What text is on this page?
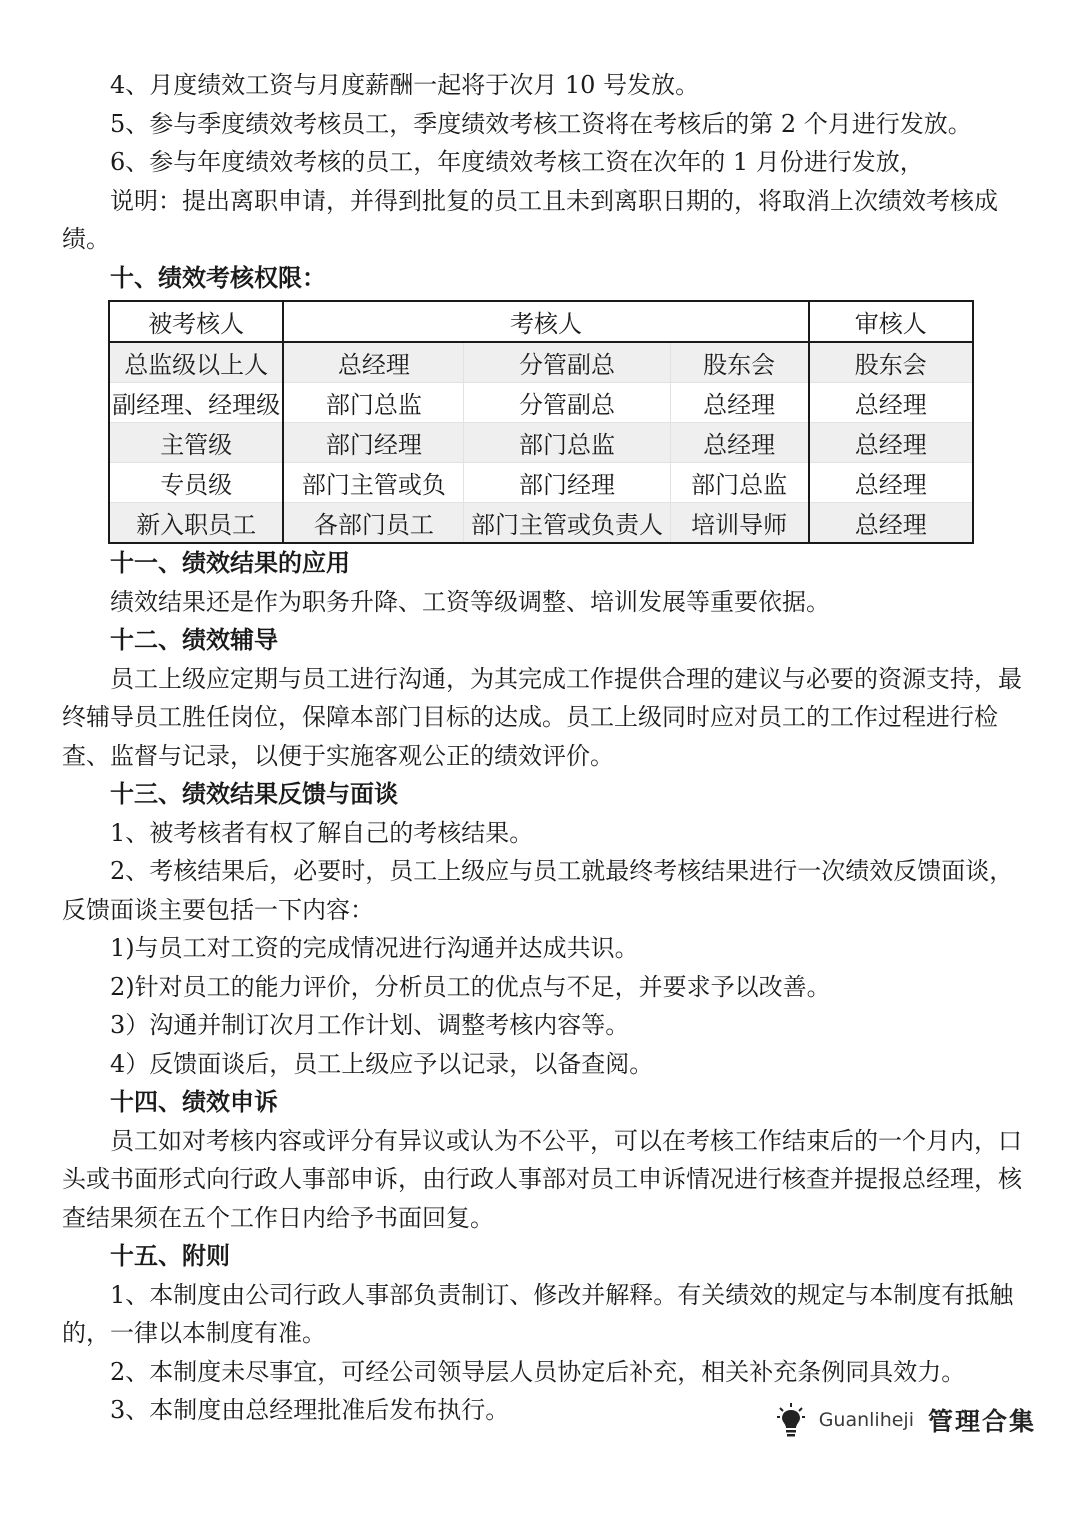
4、月度绩效工资与月度薪酬一起将于次月 10 号发放。

5、参与季度绩效考核员工，季度绩效考核工资将在考核后的第 2 个月进行发放。

6、参与年度绩效考核的员工，年度绩效考核工资在次年的 1 月份进行发放，

说明：提出离职申请，并得到批复的员工且未到离职日期的，将取消上次绩效考核成绩。

十、绩效考核权限：
被考核人	考核人			审核人
总监级以上人	总经理	分管副总	股东会	股东会
副经理、经理级	部门总监	分管副总	总经理	总经理
主管级	部门经理	部门总监	总经理	总经理
专员级	部门主管或负	部门经理	部门总监	总经理
新入职员工	各部门员工	部门主管或负责人	培训导师	总经理
十一、绩效结果的应用

绩效结果还是作为职务升降、工资等级调整、培训发展等重要依据。

十二、绩效辅导

员工上级应定期与员工进行沟通，为其完成工作提供合理的建议与必要的资源支持，最终辅导员工胜任岗位，保障本部门目标的达成。员工上级同时应对员工的工作过程进行检查、监督与记录，以便于实施客观公正的绩效评价。

十三、绩效结果反馈与面谈

1、被考核者有权了解自己的考核结果。

2、考核结果后，必要时，员工上级应与员工就最终考核结果进行一次绩效反馈面谈，反馈面谈主要包括一下内容：

1)与员工对工资的完成情况进行沟通并达成共识。

2)针对员工的能力评价，分析员工的优点与不足，并要求予以改善。

3）沟通并制订次月工作计划、调整考核内容等。

4）反馈面谈后，员工上级应予以记录，以备查阅。

十四、绩效申诉

员工如对考核内容或评分有异议或认为不公平，可以在考核工作结束后的一个月内，口头或书面形式向行政人事部申诉，由行政人事部对员工申诉情况进行核查并提报总经理，核查结果须在五个工作日内给予书面回复。

十五、附则

1、本制度由公司行政人事部负责制订、修改并解释。有关绩效的规定与本制度有抵触的，一律以本制度有准。

2、本制度未尽事宜，可经公司领导层人员协定后补充，相关补充条例同具效力。

3、本制度由总经理批准后发布执行。	Guanliheji 管理合集
